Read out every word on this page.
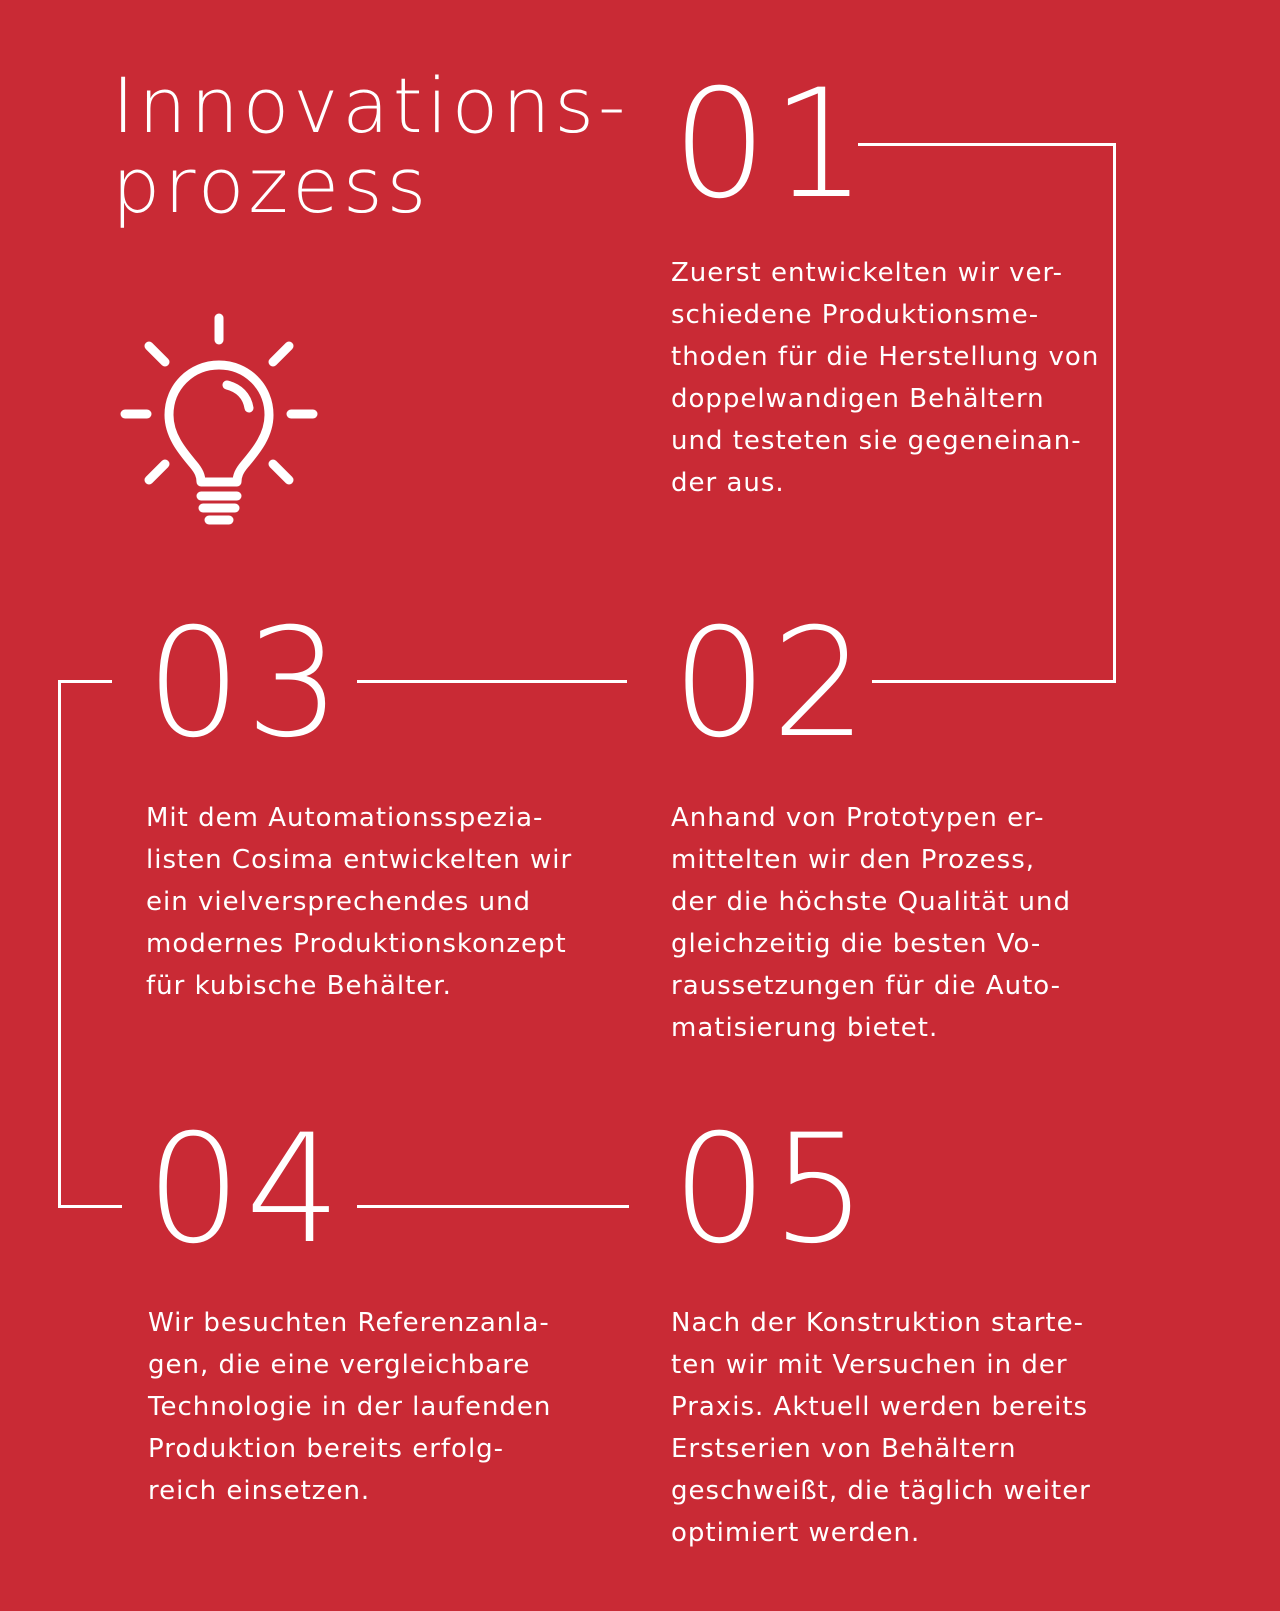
Innovations-
prozess 01
Zuerst entwickelten wir ver-
schiedene Produktionsme-
thoden für die Herstellung von
doppelwandigen Behältern
und testeten sie gegeneinan-
der aus.
02
Anhand von Prototypen er-
mittelten wir den Prozess,
der die höchste Qualität und
gleichzeitig die besten Vo-
raussetzungen für die Auto-
matisierung bietet.
03
Mit dem Automationsspezia-
listen Cosima entwickelten wir
ein vielversprechendes und
modernes Produktionskonzept
für kubische Behälter.
04
Wir besuchten Referenzanla-
gen, die eine vergleichbare
Technologie in der laufenden
Produktion bereits erfolg-
reich einsetzen.
05
Nach der Konstruktion starte-
ten wir mit Versuchen in der
Praxis. Aktuell werden bereits
Erstserien von Behältern
geschweißt, die täglich weiter
optimiert werden.
